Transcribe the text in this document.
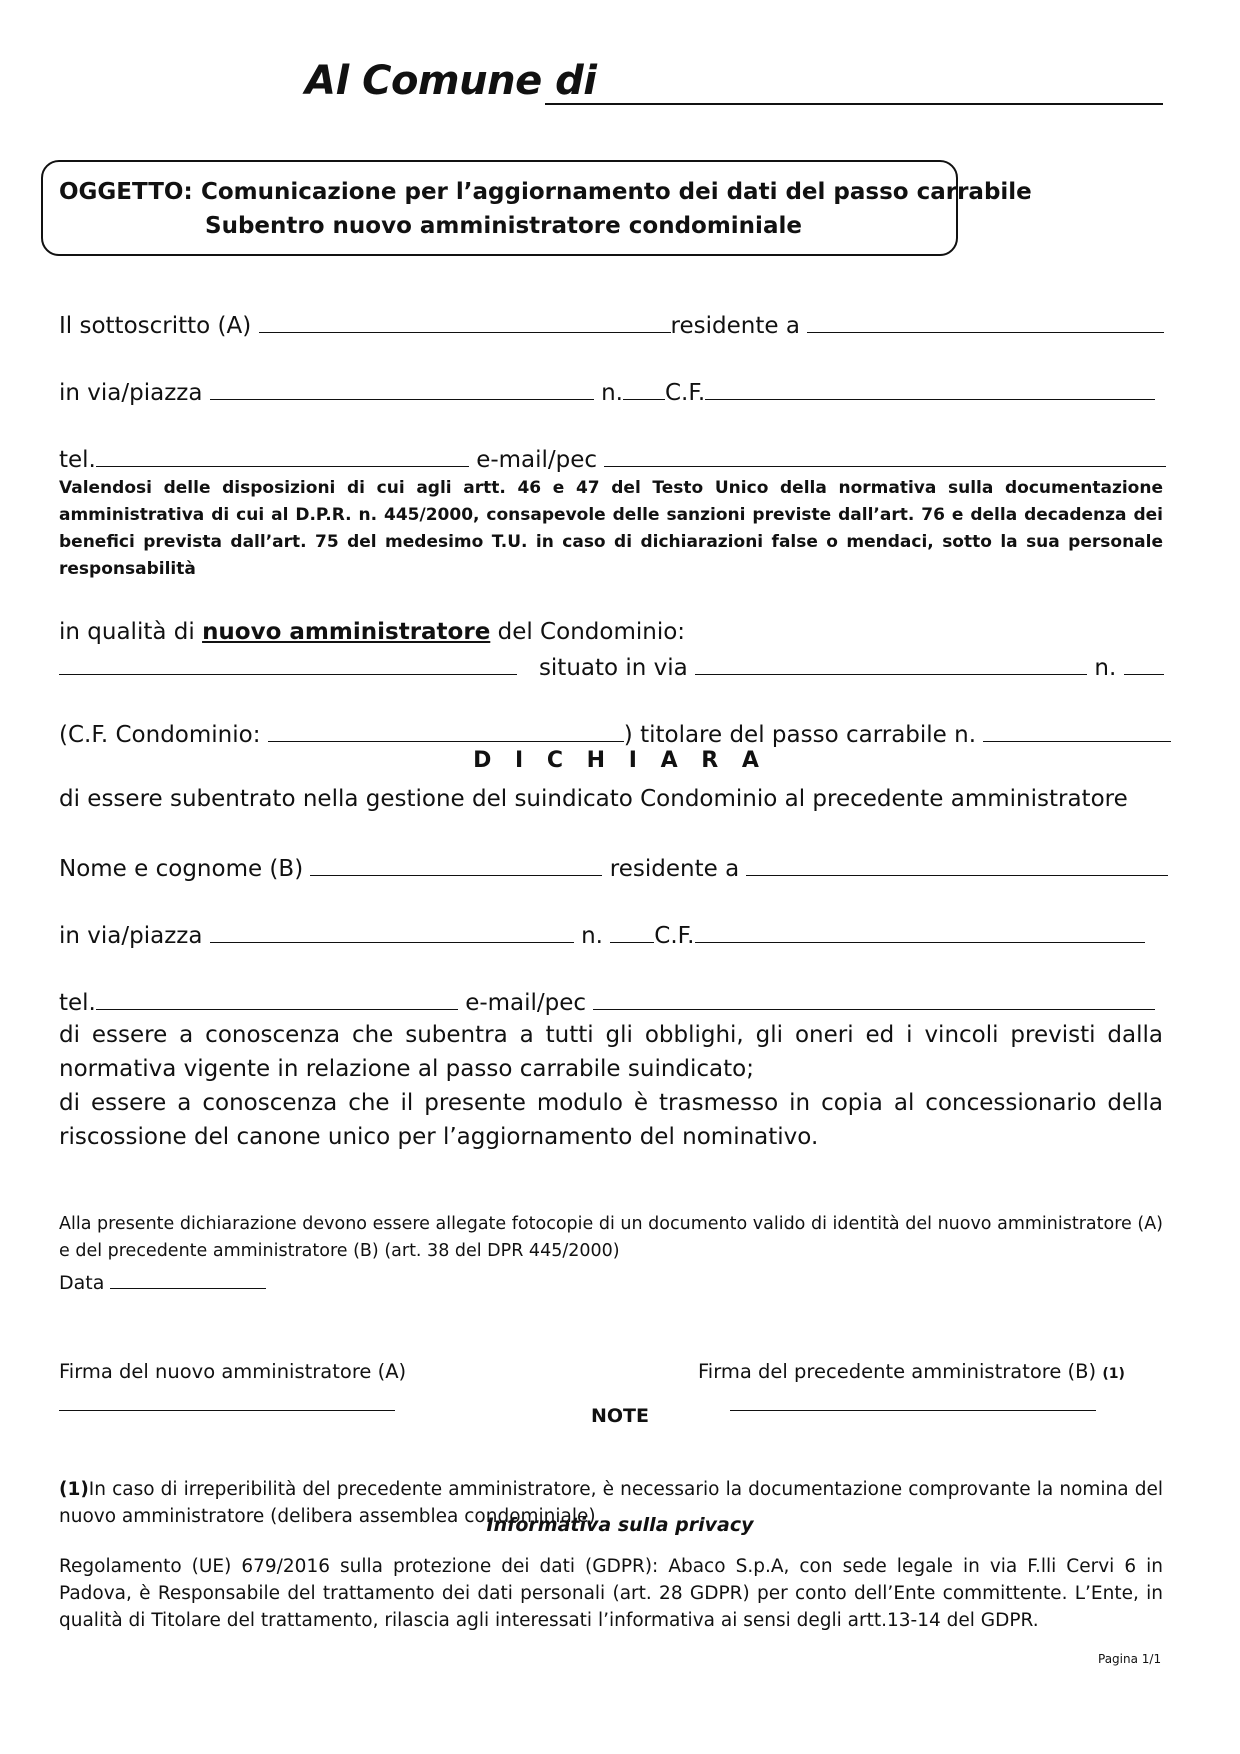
Al Comune di
OGGETTO: Comunicazione per l’aggiornamento dei dati del passo carrabile
Subentro nuovo amministratore condominiale
Il sottoscritto (A)	residente a
in via/piazza	n. C.F.
tel.	e-mail/pec

Valendosi delle disposizioni di cui agli artt. 46 e 47 del Testo Unico della normativa sulla documentazione amministrativa di cui al D.P.R. n. 445/2000, consapevole delle sanzioni previste dall’art. 76 e della decadenza dei benefici prevista dall’art. 75 del medesimo T.U. in caso di dichiarazioni false o mendaci, sotto la sua personale responsabilità

in qualità di nuovo amministratore del Condominio:
situato in via	n.
(C.F. Condominio:	) titolare del passo carrabile n.
D I C H I A R A
di essere subentrato nella gestione del suindicato Condominio al precedente amministratore
Nome e cognome (B)	residente a
in via/piazza	n. C.F.
tel.	e-mail/pec

di essere a conoscenza che subentra a tutti gli obblighi, gli oneri ed i vincoli previsti dalla normativa vigente in relazione al passo carrabile suindicato;

di essere a conoscenza che il presente modulo è trasmesso in copia al concessionario della riscossione del canone unico per l’aggiornamento del nominativo.

Alla presente dichiarazione devono essere allegate fotocopie di un documento valido di identità del nuovo amministratore (A) e del precedente amministratore (B) (art. 38 del DPR 445/2000)

Data
Firma del nuovo amministratore (A)	Firma del precedente amministratore (B) (1)
NOTE

(1)In caso di irreperibilità del precedente amministratore, è necessario la documentazione comprovante la nomina del nuovo amministratore (delibera assemblea condominiale)

Informativa sulla privacy

Regolamento (UE) 679/2016 sulla protezione dei dati (GDPR): Abaco S.p.A, con sede legale in via F.lli Cervi 6 in Padova, è Responsabile del trattamento dei dati personali (art. 28 GDPR) per conto dell’Ente committente. L’Ente, in qualità di Titolare del trattamento, rilascia agli interessati l’informativa ai sensi degli artt.13-14 del GDPR.

Pagina 1/1
